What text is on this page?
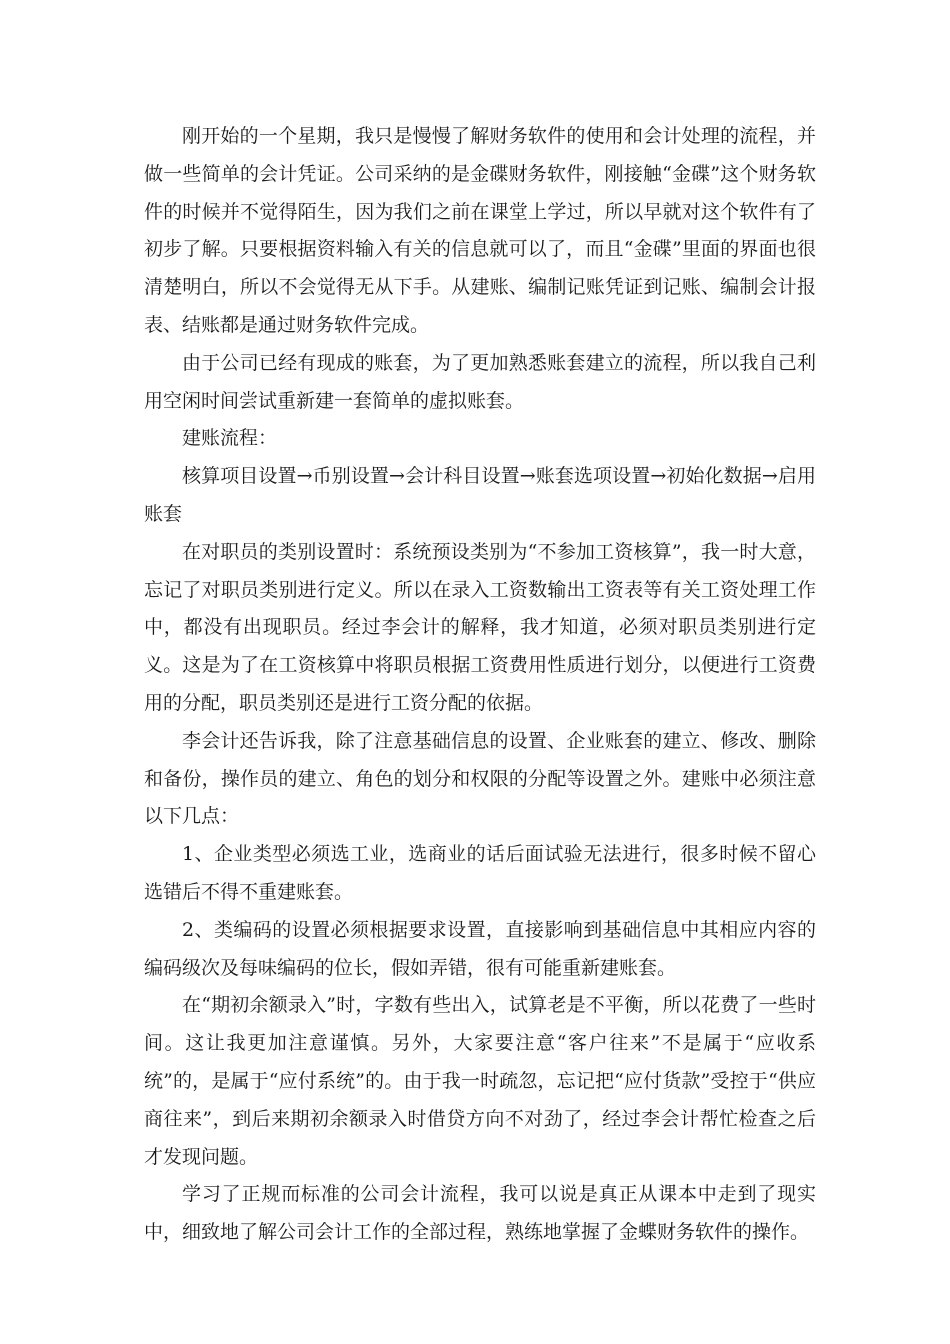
刚开始的一个星期，我只是慢慢了解财务软件的使用和会计处理的流程，并做一些简单的会计凭证。公司采纳的是金碟财务软件，刚接触“金碟”这个财务软件的时候并不觉得陌生，因为我们之前在课堂上学过，所以早就对这个软件有了初步了解。只要根据资料输入有关的信息就可以了，而且“金碟”里面的界面也很清楚明白，所以不会觉得无从下手。从建账、编制记账凭证到记账、编制会计报表、结账都是通过财务软件完成。

由于公司已经有现成的账套，为了更加熟悉账套建立的流程，所以我自己利用空闲时间尝试重新建一套简单的虚拟账套。

建账流程：

核算项目设置→币别设置→会计科目设置→账套选项设置→初始化数据→启用账套

在对职员的类别设置时：系统预设类别为“不参加工资核算”，我一时大意，忘记了对职员类别进行定义。所以在录入工资数输出工资表等有关工资处理工作中，都没有出现职员。经过李会计的解释，我才知道，必须对职员类别进行定义。这是为了在工资核算中将职员根据工资费用性质进行划分，以便进行工资费用的分配，职员类别还是进行工资分配的依据。

李会计还告诉我，除了注意基础信息的设置、企业账套的建立、修改、删除和备份，操作员的建立、角色的划分和权限的分配等设置之外。建账中必须注意以下几点：

1、企业类型必须选工业，选商业的话后面试验无法进行，很多时候不留心选错后不得不重建账套。

2、类编码的设置必须根据要求设置，直接影响到基础信息中其相应内容的编码级次及每味编码的位长，假如弄错，很有可能重新建账套。

在“期初余额录入”时，字数有些出入，试算老是不平衡，所以花费了一些时间。这让我更加注意谨慎。另外，大家要注意“客户往来”不是属于“应收系统”的，是属于“应付系统”的。由于我一时疏忽，忘记把“应付货款”受控于“供应商往来”，到后来期初余额录入时借贷方向不对劲了，经过李会计帮忙检查之后才发现问题。

学习了正规而标准的公司会计流程，我可以说是真正从课本中走到了现实中，细致地了解公司会计工作的全部过程，熟练地掌握了金蝶财务软件的操作。
